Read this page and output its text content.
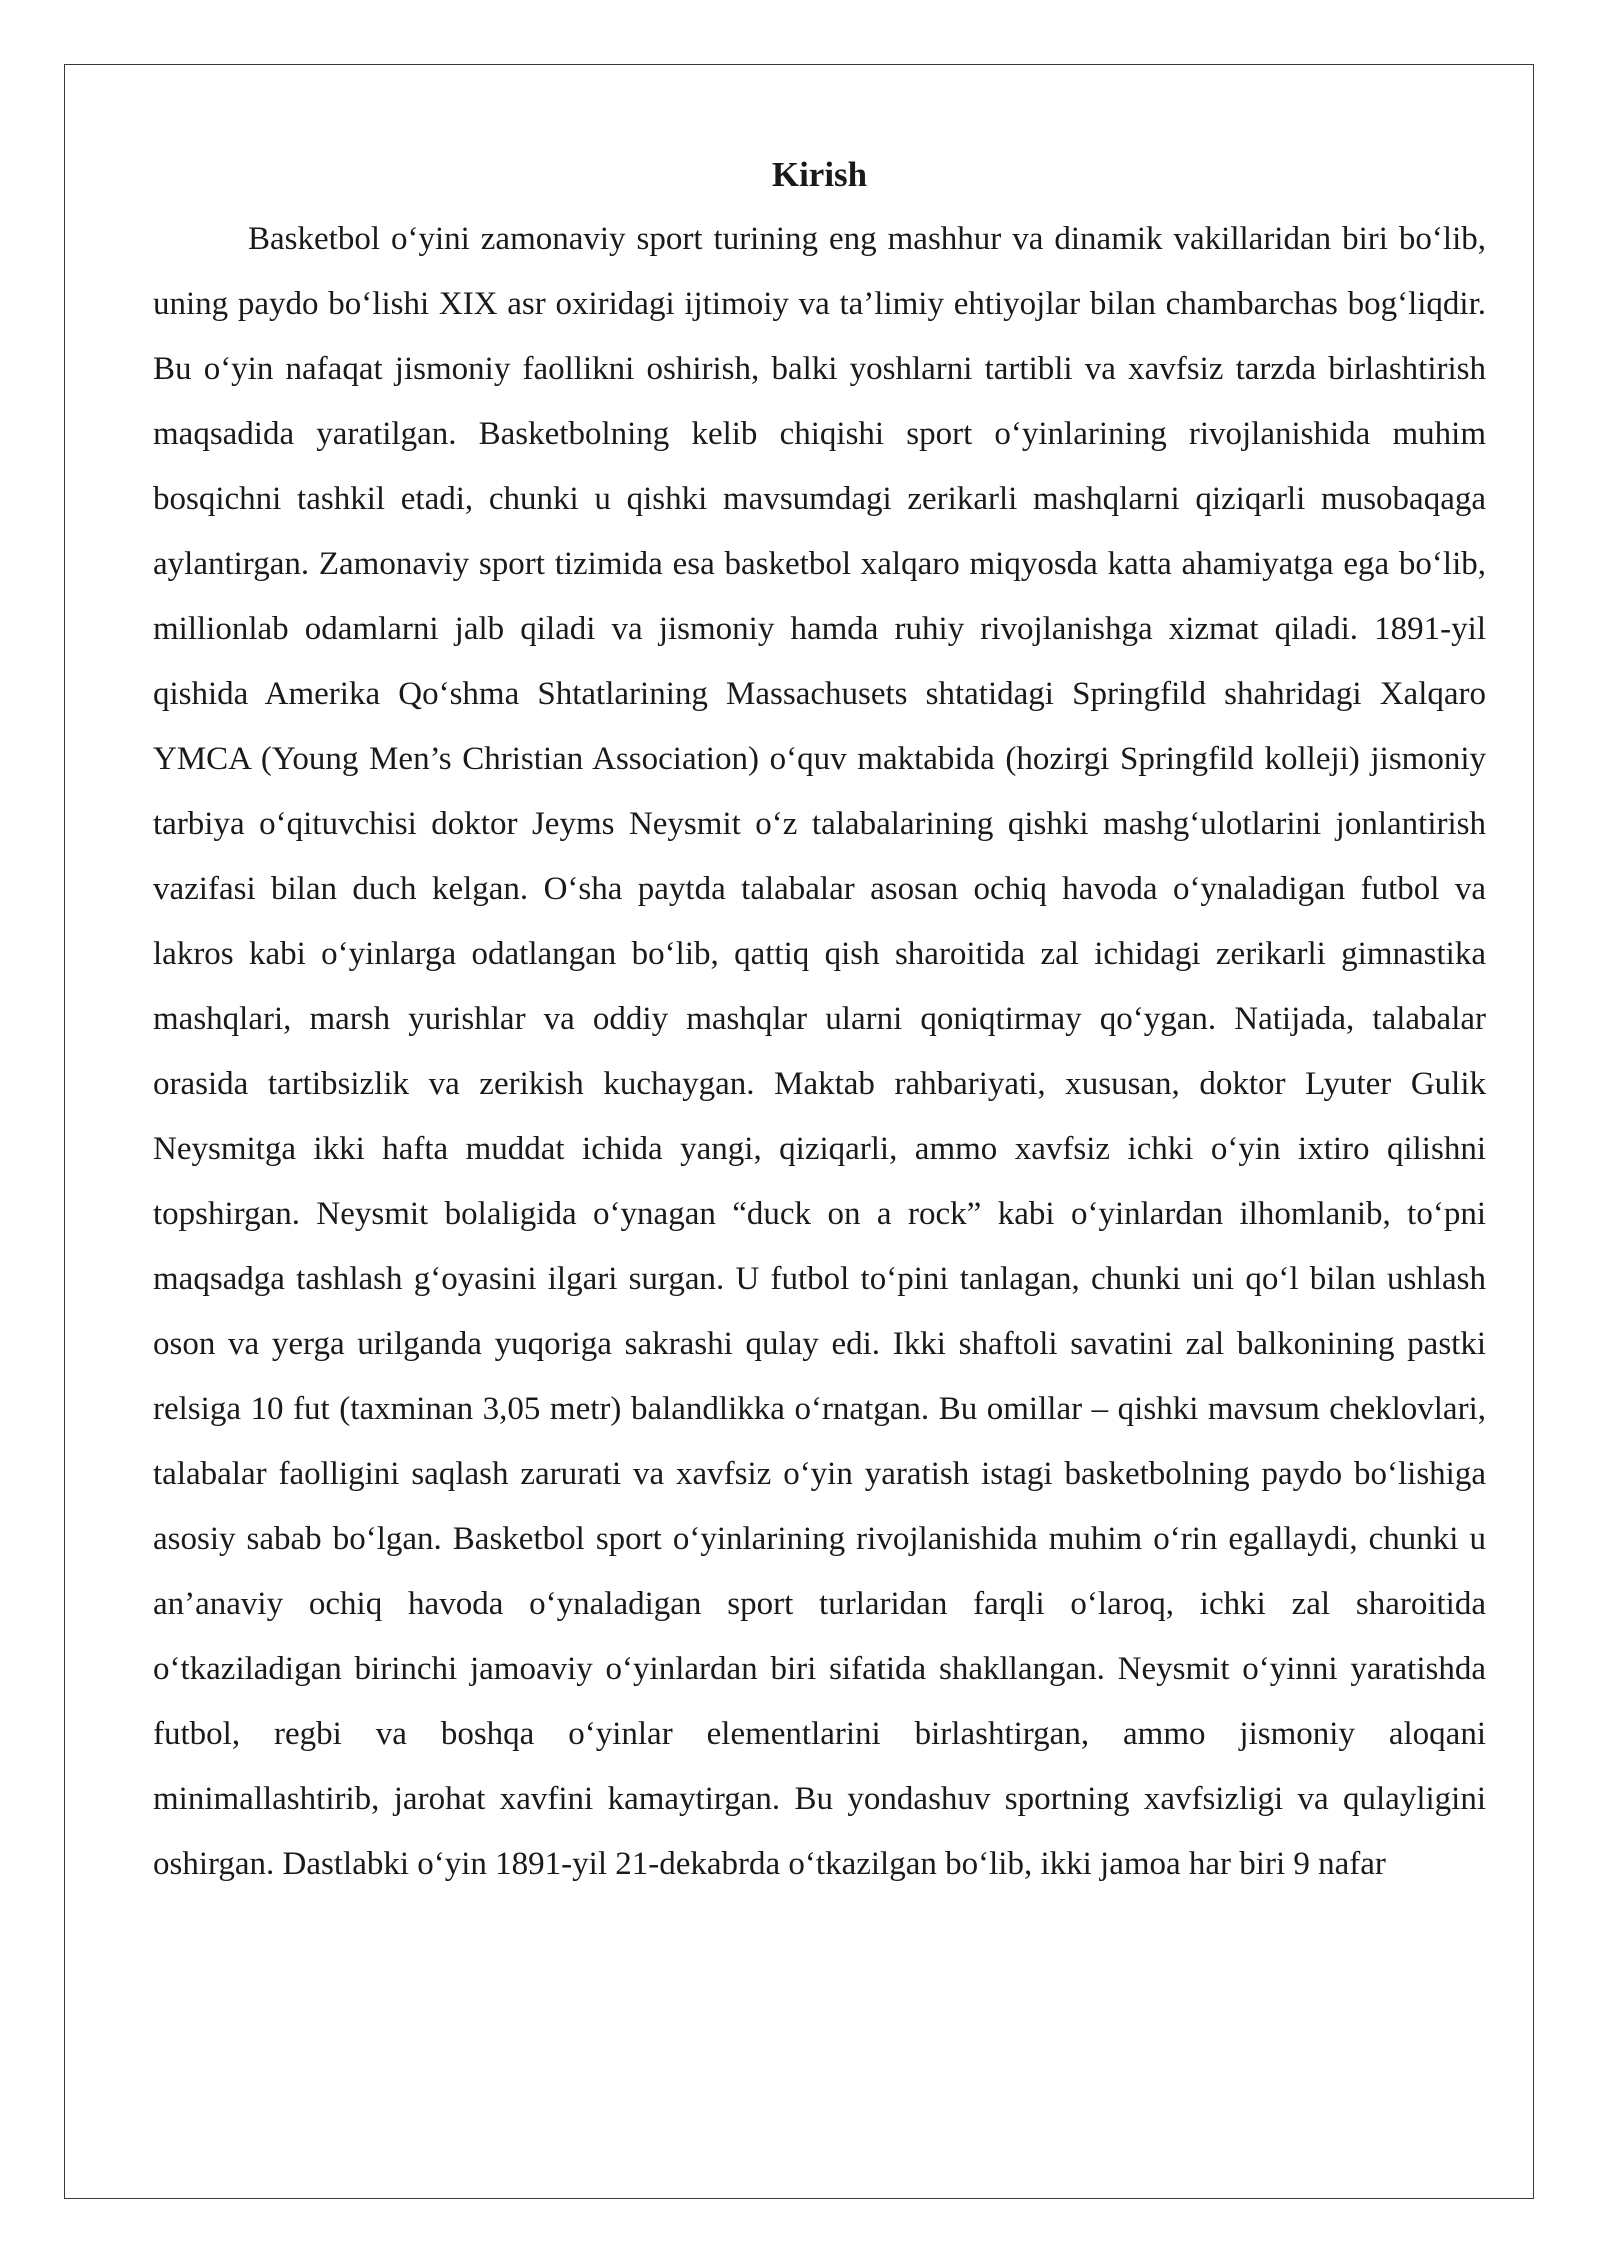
Kirish

Basketbol o‘yini zamonaviy sport turining eng mashhur va dinamik vakillaridan biri bo‘lib, uning paydo bo‘lishi XIX asr oxiridagi ijtimoiy va ta’limiy ehtiyojlar bilan chambarchas bog‘liqdir. Bu o‘yin nafaqat jismoniy faollikni oshirish, balki yoshlarni tartibli va xavfsiz tarzda birlashtirish maqsadida yaratilgan. Basketbolning kelib chiqishi sport o‘yinlarining rivojlanishida muhim bosqichni tashkil etadi, chunki u qishki mavsumdagi zerikarli mashqlarni qiziqarli musobaqaga aylantirgan. Zamonaviy sport tizimida esa basketbol xalqaro miqyosda katta ahamiyatga ega bo‘lib, millionlab odamlarni jalb qiladi va jismoniy hamda ruhiy rivojlanishga xizmat qiladi. 1891-yil qishida Amerika Qo‘shma Shtatlarining Massachusets shtatidagi Springfild shahridagi Xalqaro YMCA (Young Men’s Christian Association) o‘quv maktabida (hozirgi Springfild kolleji) jismoniy tarbiya o‘qituvchisi doktor Jeyms Neysmit o‘z talabalarining qishki mashg‘ulotlarini jonlantirish vazifasi bilan duch kelgan. O‘sha paytda talabalar asosan ochiq havoda o‘ynaladigan futbol va lakros kabi o‘yinlarga odatlangan bo‘lib, qattiq qish sharoitida zal ichidagi zerikarli gimnastika mashqlari, marsh yurishlar va oddiy mashqlar ularni qoniqtirmay qo‘ygan. Natijada, talabalar orasida tartibsizlik va zerikish kuchaygan. Maktab rahbariyati, xususan, doktor Lyuter Gulik Neysmitga ikki hafta muddat ichida yangi, qiziqarli, ammo xavfsiz ichki o‘yin ixtiro qilishni topshirgan. Neysmit bolaligida o‘ynagan “duck on a rock” kabi o‘yinlardan ilhomlanib, to‘pni maqsadga tashlash g‘oyasini ilgari surgan. U futbol to‘pini tanlagan, chunki uni qo‘l bilan ushlash oson va yerga urilganda yuqoriga sakrashi qulay edi. Ikki shaftoli savatini zal balkonining pastki relsiga 10 fut (taxminan 3,05 metr) balandlikka o‘rnatgan. Bu omillar – qishki mavsum cheklovlari, talabalar faolligini saqlash zarurati va xavfsiz o‘yin yaratish istagi basketbolning paydo bo‘lishiga asosiy sabab bo‘lgan. Basketbol sport o‘yinlarining rivojlanishida muhim o‘rin egallaydi, chunki u an’anaviy ochiq havoda o‘ynaladigan sport turlaridan farqli o‘laroq, ichki zal sharoitida o‘tkaziladigan birinchi jamoaviy o‘yinlardan biri sifatida shakllangan. Neysmit o‘yinni yaratishda futbol, regbi va boshqa o‘yinlar elementlarini birlashtirgan, ammo jismoniy aloqani minimallashtirib, jarohat xavfini kamaytirgan. Bu yondashuv sportning xavfsizligi va qulayligini oshirgan. Dastlabki o‘yin 1891-yil 21-dekabrda o‘tkazilgan bo‘lib, ikki jamoa har biri 9 nafar
